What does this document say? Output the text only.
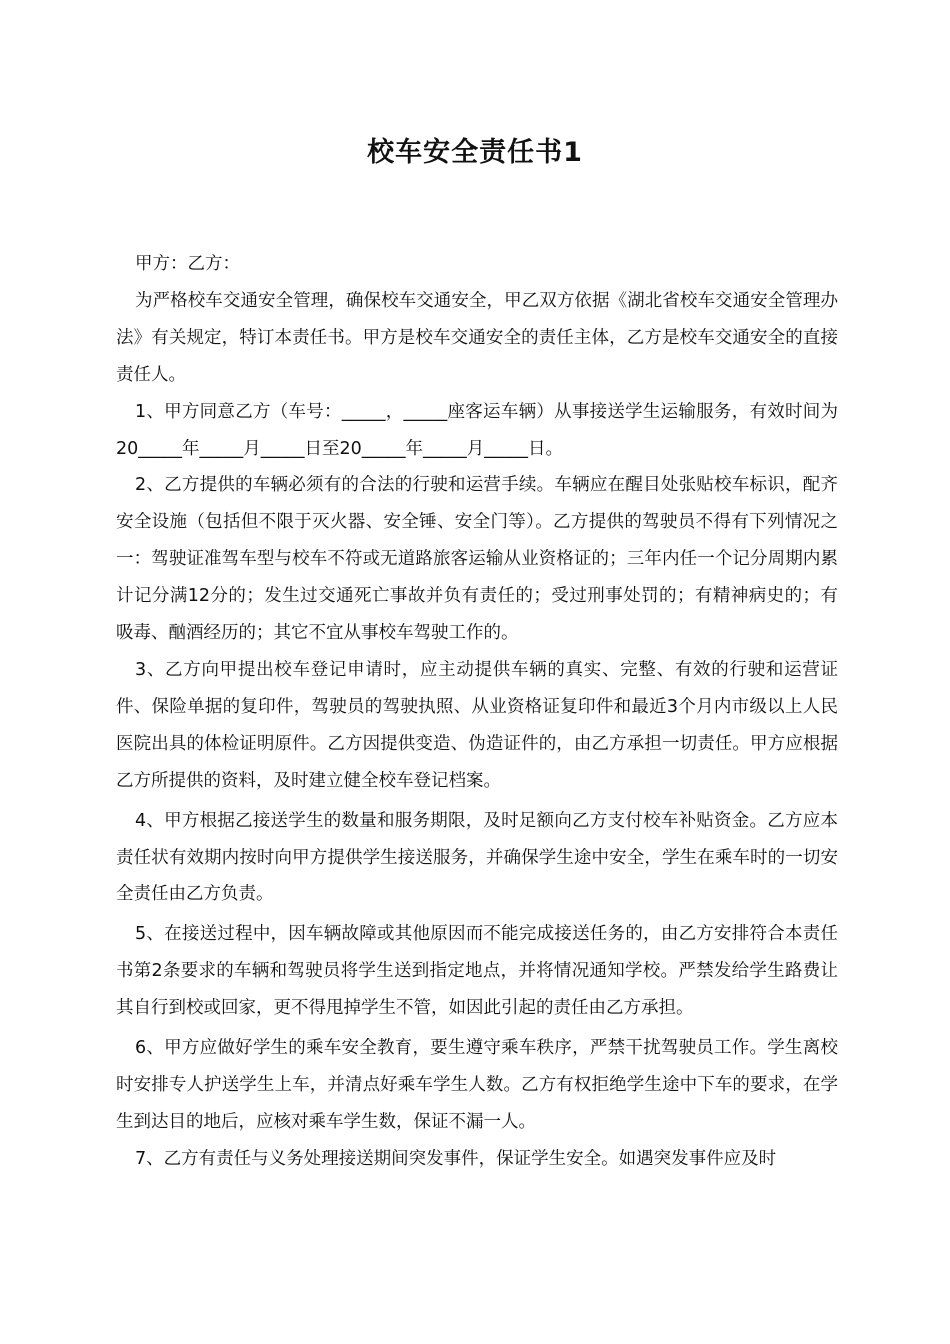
校车安全责任书1

甲方：乙方：

为严格校车交通安全管理，确保校车交通安全，甲乙双方依据《湖北省校车交通安全管理办法》有关规定，特订本责任书。甲方是校车交通安全的责任主体，乙方是校车交通安全的直接责任人。

1、甲方同意乙方（车号：_____，_____座客运车辆）从事接送学生运输服务，有效时间为20_____年_____月_____日至20_____年_____月_____日。

2、乙方提供的车辆必须有的合法的行驶和运营手续。车辆应在醒目处张贴校车标识，配齐安全设施（包括但不限于灭火器、安全锤、安全门等）。乙方提供的驾驶员不得有下列情况之一：驾驶证准驾车型与校车不符或无道路旅客运输从业资格证的；三年内任一个记分周期内累计记分满12分的；发生过交通死亡事故并负有责任的；受过刑事处罚的；有精神病史的；有吸毒、酗酒经历的；其它不宜从事校车驾驶工作的。

3、乙方向甲提出校车登记申请时，应主动提供车辆的真实、完整、有效的行驶和运营证件、保险单据的复印件，驾驶员的驾驶执照、从业资格证复印件和最近3个月内市级以上人民医院出具的体检证明原件。乙方因提供变造、伪造证件的，由乙方承担一切责任。甲方应根据乙方所提供的资料，及时建立健全校车登记档案。

4、甲方根据乙接送学生的数量和服务期限，及时足额向乙方支付校车补贴资金。乙方应本责任状有效期内按时向甲方提供学生接送服务，并确保学生途中安全，学生在乘车时的一切安全责任由乙方负责。

5、在接送过程中，因车辆故障或其他原因而不能完成接送任务的，由乙方安排符合本责任书第2条要求的车辆和驾驶员将学生送到指定地点，并将情况通知学校。严禁发给学生路费让其自行到校或回家，更不得甩掉学生不管，如因此引起的责任由乙方承担。

6、甲方应做好学生的乘车安全教育，要生遵守乘车秩序，严禁干扰驾驶员工作。学生离校时安排专人护送学生上车，并清点好乘车学生人数。乙方有权拒绝学生途中下车的要求，在学生到达目的地后，应核对乘车学生数，保证不漏一人。

7、乙方有责任与义务处理接送期间突发事件，保证学生安全。如遇突发事件应及时
